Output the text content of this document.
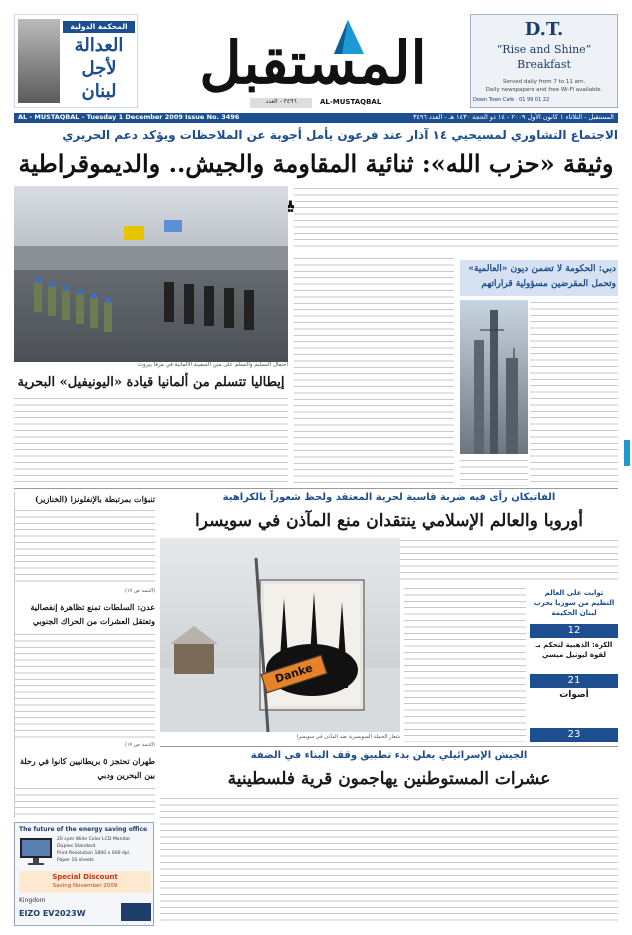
المحكمة الدولية
العدالة
لأجل
لبنان	المستقبل
AL-MUSTAQBAL
٣٤٩٦ - العدد
D.T.
“Rise and Shine”
Breakfast
Served daily from 7 to 11 am.
Daily newspapers and free Wi-Fi available.
Down Town Cafe · 01 99 01 22
AL - MUSTAQBAL - Tuesday 1 December 2009 Issue No. 3496	المستقبل - الثلاثاء ١ كانون الأول ٢٠٠٩ - ١٤ ذو الحجة ١٤٣٠ هـ - العدد ٣٤٩٦
الاجتماع التشاوري لمسيحيي ١٤ آذار عند فرعون يأمل أجوبة عن الملاحظات ويؤكد دعم الحريري
وثيقة «حزب الله»: ثنائية المقاومة والجيش.. والديموقراطية
دبي: الحكومة لا تضمن ديون «العالمية» وتحمل المقرضين مسؤولية قراراتهم
احتفال التسليم والتسلم على متن السفينة الألمانية في مرفأ بيروت
إيطاليا تتسلم من ألمانيا قيادة «اليونيفيل» البحرية
الفاتيكان رأى فيه ضربة قاسية لحرية المعتقد ولحظ شعوراً بالكراهية
أوروبا والعالم الإسلامي ينتقدان منع المآذن في سويسرا
Danke
شعار الحملة السويسرية ضد المآذن في سويسرا
توابت على العالم التظيم من سوريا بحرب لبنان الحكيمة
12
الكرة: الذهبية لتحكم بـ لقوة ليونيل ميسي
21
أصوات
23
تنبؤات بمرتبطة بالإنفلونزا (الخنازير)
(التتمة ص ١٧)
عدن: السلطات تمنع تظاهرة إنفصالية وتعتقل العشرات من الحراك الجنوبي
(التتمة ص ١٧)
طهران تحتجز ٥ بريطانيين كانوا في رحلة بين البحرين ودبي
الجيش الإسرائيلي يعلن بدء تطبيق وقف البناء في الضفة
عشرات المستوطنين يهاجمون قرية فلسطينية
The future of the energy saving office
20 cpm Wide Color LCD Monitor
Duplex Standard
Print Resolution 1800 x 600 dpi
Paper 10 sheets
Special Discount
Saving November 2009
Kingdom
EIZO EV2023W
